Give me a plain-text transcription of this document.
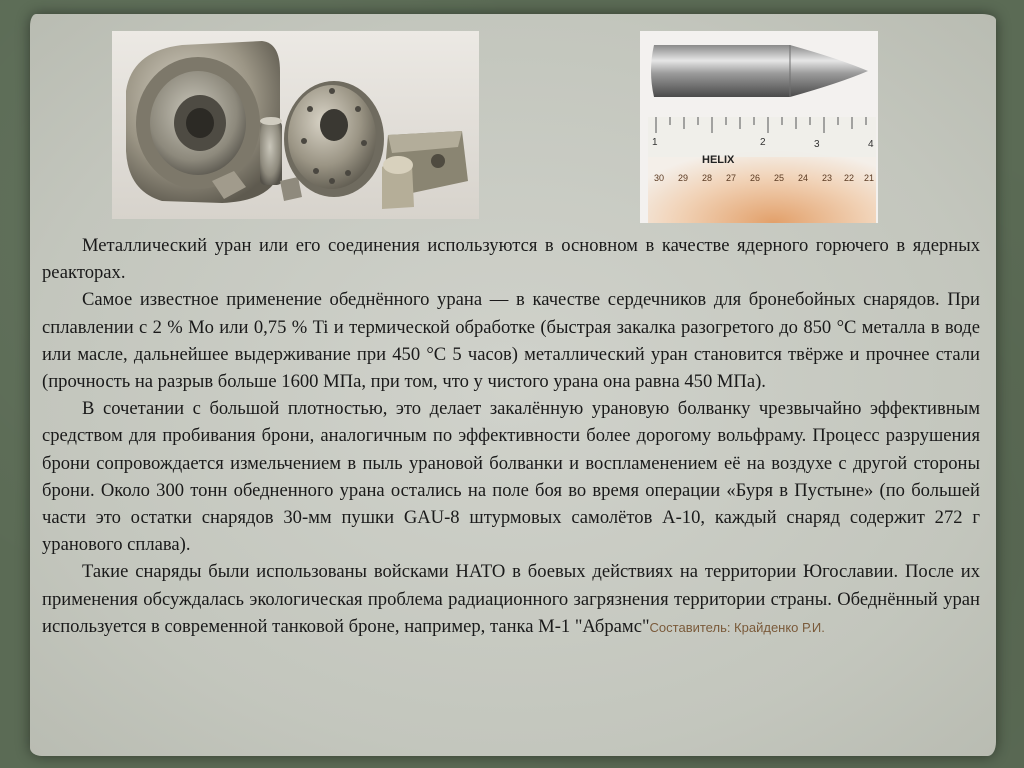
1	2	3	4
HELIX
30 29 28 27 26 25 24 23 22 21

Металлический уран или его соединения используются в основном в качестве ядерного горючего в ядерных реакторах.

Самое известное применение обеднённого урана — в качестве сердечников для бронебойных снарядов. При сплавлении с 2 % Mo или 0,75 % Ti и термической обработке (быстрая закалка разогретого до 850 °C металла в воде или масле, дальнейшее выдерживание при 450 °C 5 часов) металлический уран становится твёрже и прочнее стали (прочность на разрыв больше 1600 МПа, при том, что у чистого урана она равна 450 МПа).

В сочетании с большой плотностью, это делает закалённую урановую болванку чрезвычайно эффективным средством для пробивания брони, аналогичным по эффективности более дорогому вольфраму. Процесс разрушения брони сопровождается измельчением в пыль урановой болванки и воспламенением её на воздухе с другой стороны брони. Около 300 тонн обедненного урана остались на поле боя во время операции «Буря в Пустыне» (по большей части это остатки снарядов 30-мм пушки GAU-8 штурмовых самолётов A-10, каждый снаряд содержит 272 г уранового сплава).

Такие снаряды были использованы войсками НАТО в боевых действиях на территории Югославии. После их применения обсуждалась экологическая проблема радиационного загрязнения территории страны. Обеднённый уран используется в современной танковой броне, например, танка М-1 "Абрамс"Составитель: Крайденко Р.И.
